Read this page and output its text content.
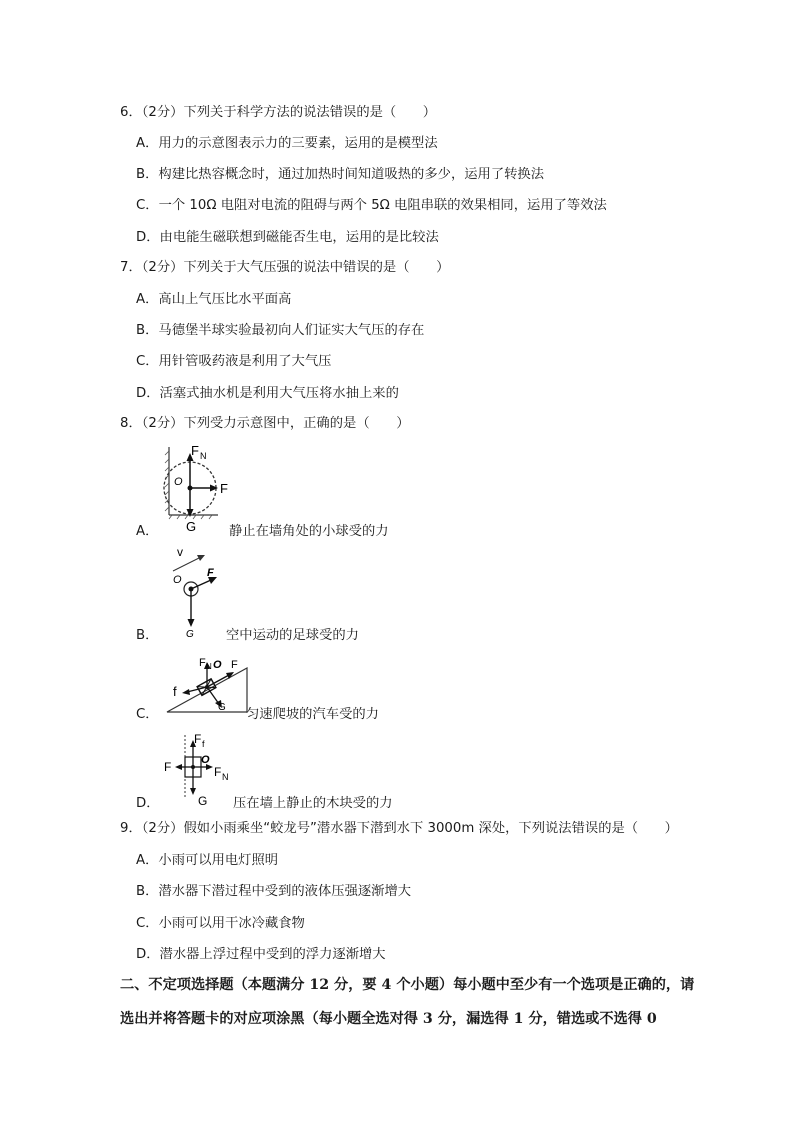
6．（2分）下列关于科学方法的说法错误的是（　　）
A．用力的示意图表示力的三要素，运用的是模型法
B．构建比热容概念时，通过加热时间知道吸热的多少，运用了转换法
C．一个 10Ω 电阻对电流的阻碍与两个 5Ω 电阻串联的效果相同，运用了等效法
D．由电能生磁联想到磁能否生电，运用的是比较法
7．（2分）下列关于大气压强的说法中错误的是（　　）
A．高山上气压比水平面高
B．马德堡半球实验最初向人们证实大气压的存在
C．用针管吸药液是利用了大气压
D．活塞式抽水机是利用大气压将水抽上来的
8．（2分）下列受力示意图中，正确的是（　　）
F N
F
O
G
A．	静止在墙角处的小球受的力
v
F
O
G
B．	空中运动的足球受的力
F N O F
f
G
C．	匀速爬坡的汽车受的力
F f
F	F N
O
G
D．	压在墙上静止的木块受的力
9．（2分）假如小雨乘坐“蛟龙号”潜水器下潜到水下 3000m 深处，下列说法错误的是（　　）
A．小雨可以用电灯照明
B．潜水器下潜过程中受到的液体压强逐渐增大
C．小雨可以用干冰冷藏食物
D．潜水器上浮过程中受到的浮力逐渐增大
二、不定项选择题（本题满分 12 分，要 4 个小题）每小题中至少有一个选项是正确的，请
选出并将答题卡的对应项涂黑（每小题全选对得 3 分，漏选得 1 分，错选或不选得 0
